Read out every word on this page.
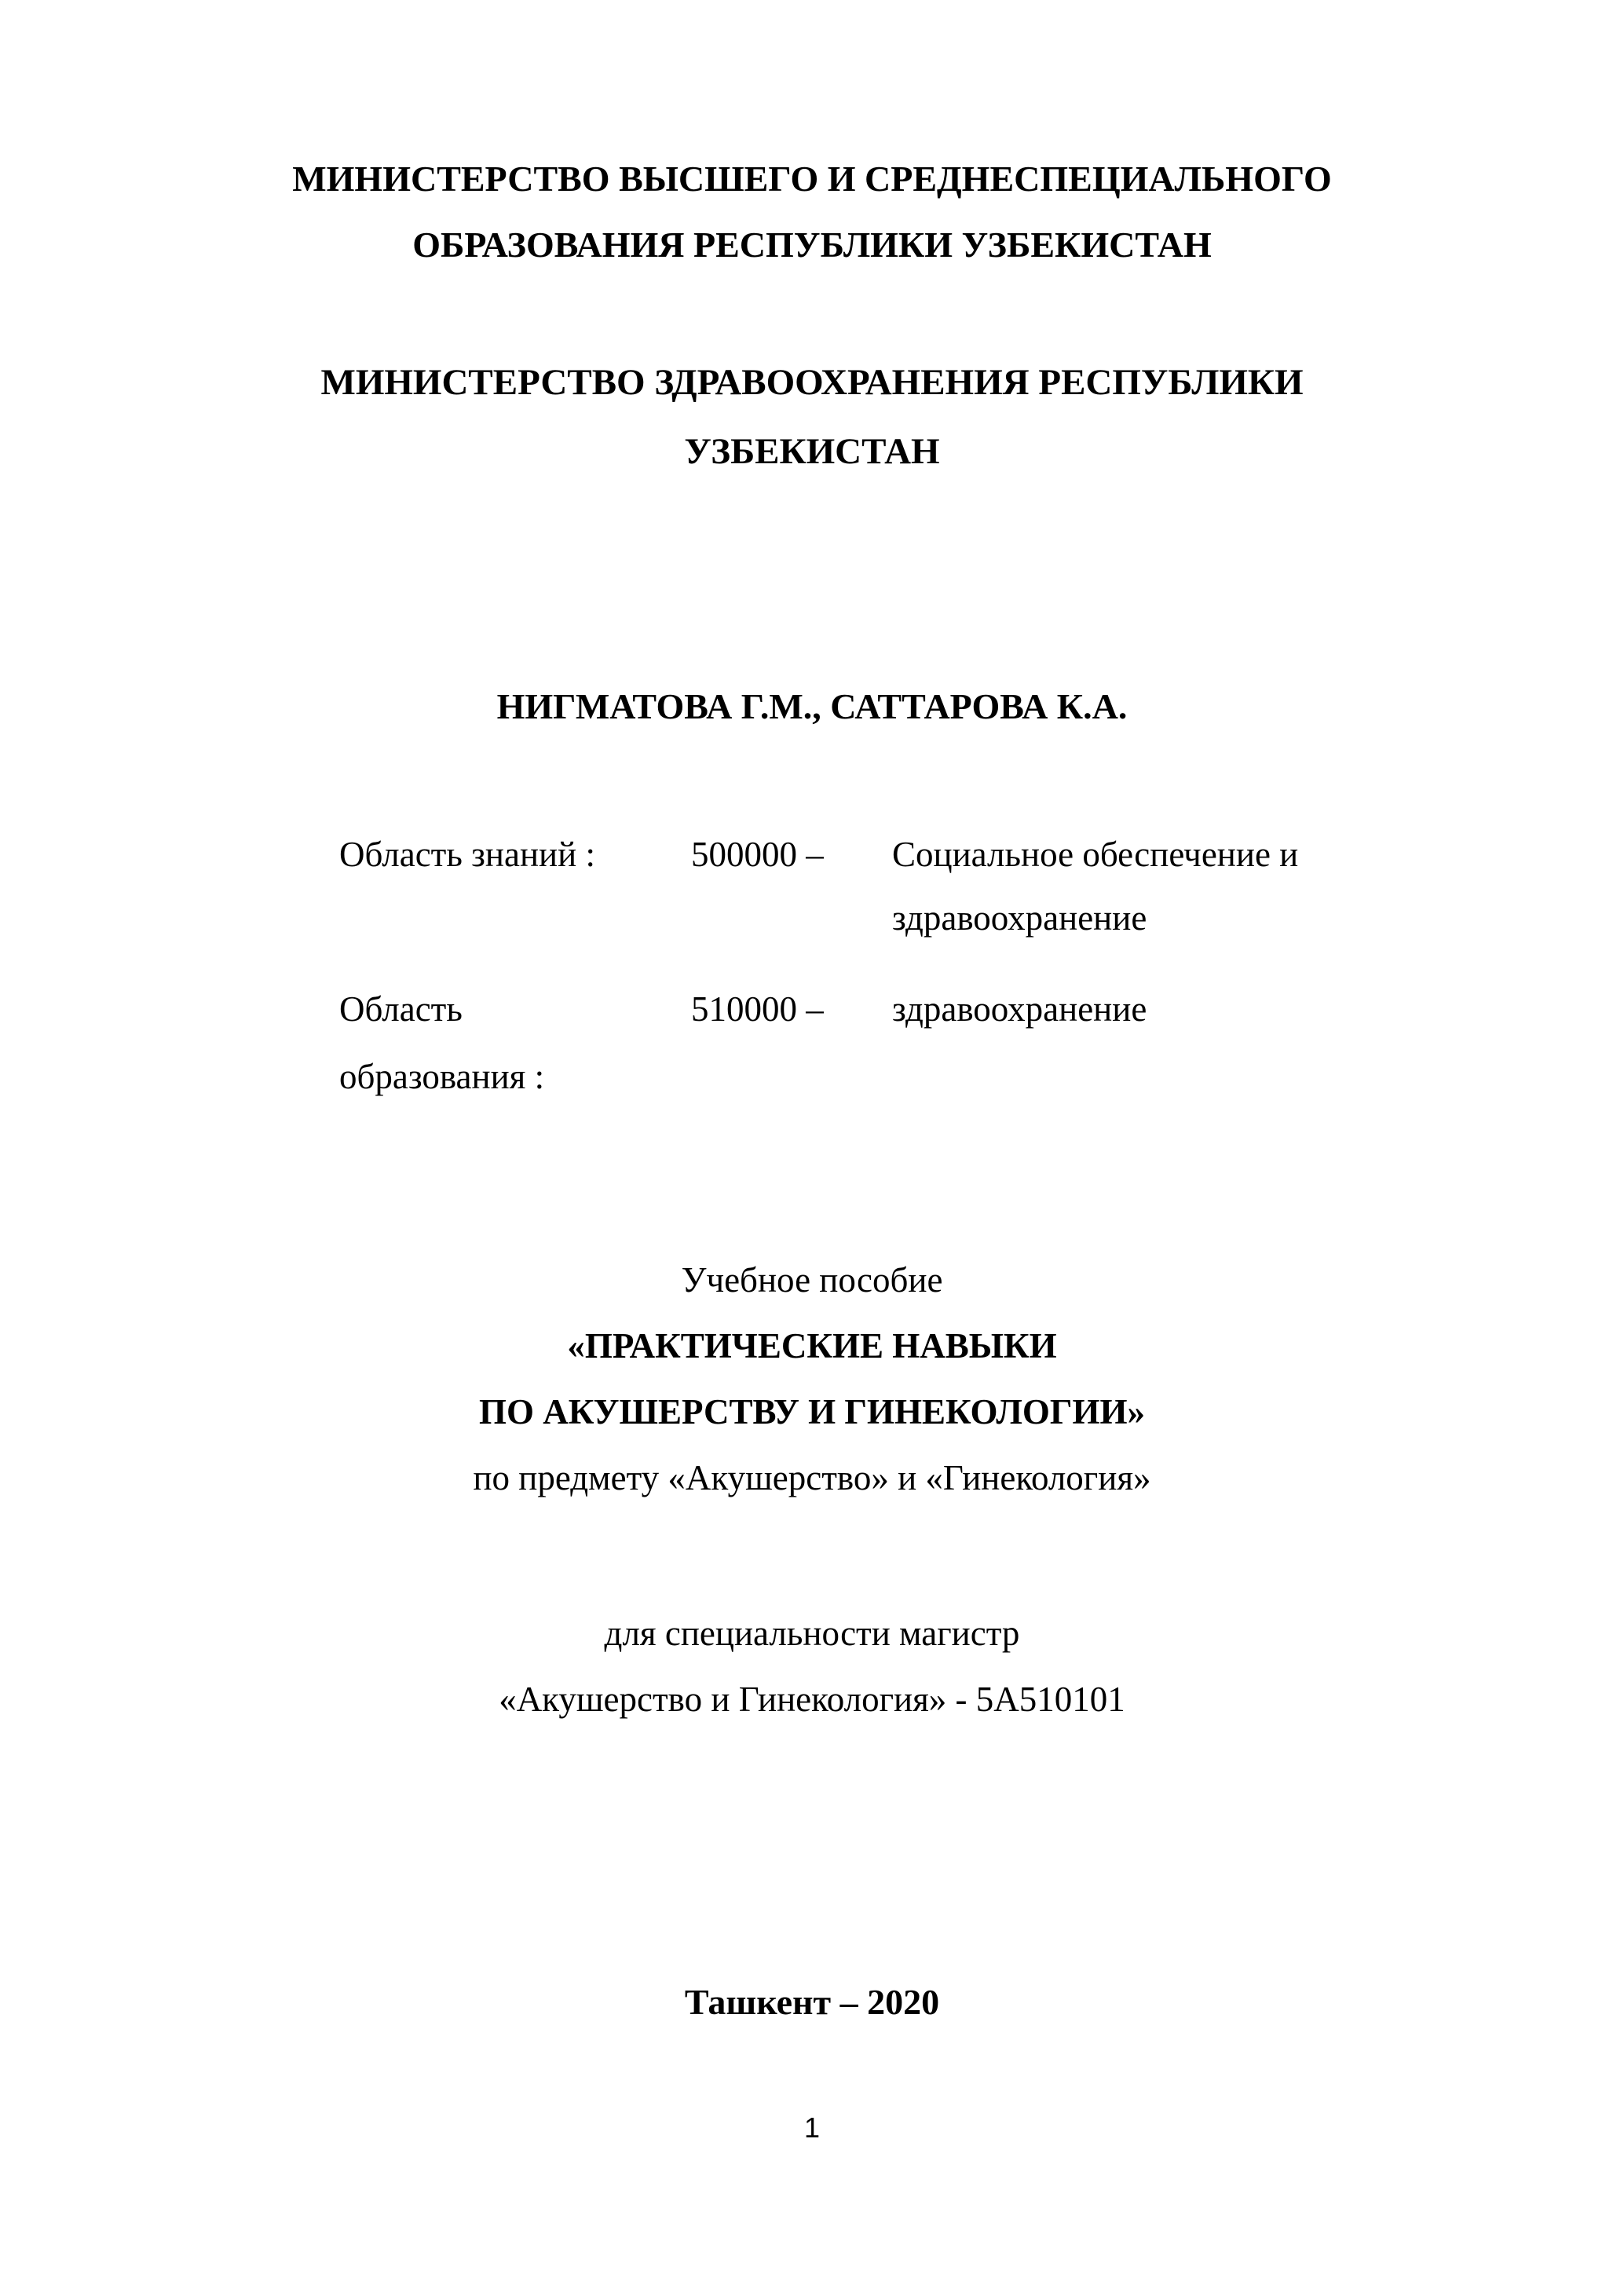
МИНИСТЕРСТВО ВЫСШЕГО И СРЕДНЕСПЕЦИАЛЬНОГО
ОБРАЗОВАНИЯ РЕСПУБЛИКИ УЗБЕКИСТАН
МИНИСТЕРСТВО ЗДРАВООХРАНЕНИЯ РЕСПУБЛИКИ
УЗБЕКИСТАН
НИГМАТОВА Г.М., САТТАРОВА К.А.
Область знаний :	500000 – Социальное обеспечение и
здравоохранение
Область
образования :
510000 – здравоохранение
Учебное пособие
«ПРАКТИЧЕСКИЕ НАВЫКИ
ПО АКУШЕРСТВУ И ГИНЕКОЛОГИИ»
по предмету «Акушерство» и «Гинекология»
для специальности магистр
«Акушерство и Гинекология» - 5А510101
Ташкент – 2020
1
